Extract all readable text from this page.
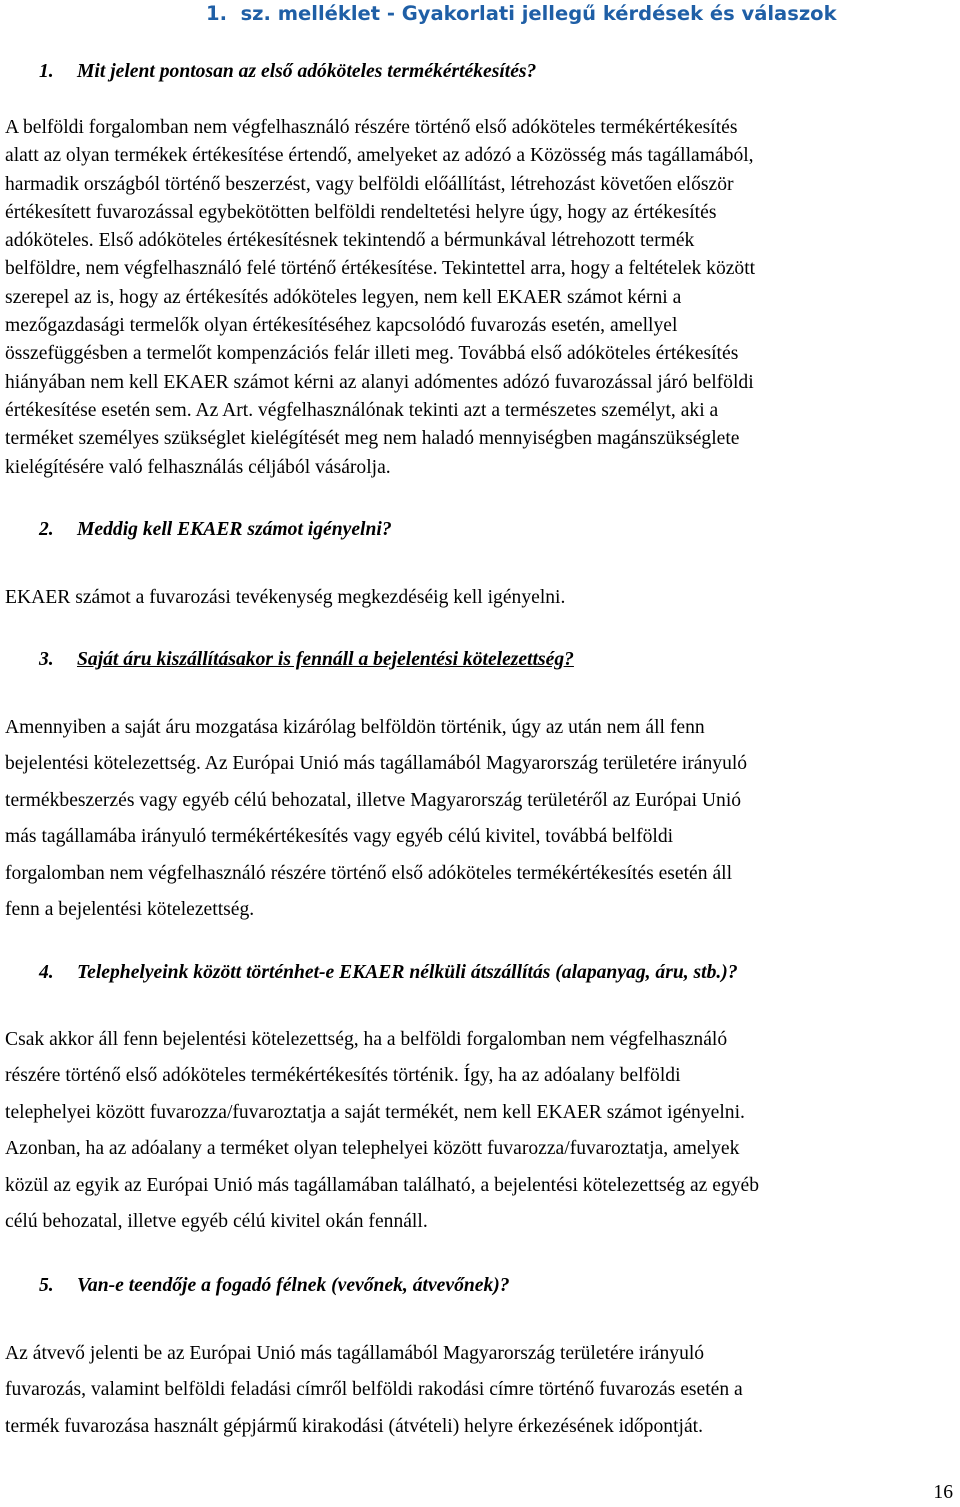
1. sz. melléklet - Gyakorlati jellegű kérdések és válaszok
1. Mit jelent pontosan az első adóköteles termékértékesítés?
A belföldi forgalomban nem végfelhasználó részére történő első adóköteles termékértékesítés
alatt az olyan termékek értékesítése értendő, amelyeket az adózó a Közösség más tagállamából,
harmadik országból történő beszerzést, vagy belföldi előállítást, létrehozást követően először
értékesített fuvarozással egybekötötten belföldi rendeltetési helyre úgy, hogy az értékesítés
adóköteles. Első adóköteles értékesítésnek tekintendő a bérmunkával létrehozott termék
belföldre, nem végfelhasználó felé történő értékesítése. Tekintettel arra, hogy a feltételek között
szerepel az is, hogy az értékesítés adóköteles legyen, nem kell EKAER számot kérni a
mezőgazdasági termelők olyan értékesítéséhez kapcsolódó fuvarozás esetén, amellyel
összefüggésben a termelőt kompenzációs felár illeti meg. Továbbá első adóköteles értékesítés
hiányában nem kell EKAER számot kérni az alanyi adómentes adózó fuvarozással járó belföldi
értékesítése esetén sem. Az Art. végfelhasználónak tekinti azt a természetes személyt, aki a
terméket személyes szükséglet kielégítését meg nem haladó mennyiségben magánszükséglete
kielégítésére való felhasználás céljából vásárolja.
2. Meddig kell EKAER számot igényelni?
EKAER számot a fuvarozási tevékenység megkezdéséig kell igényelni.
3. Saját áru kiszállításakor is fennáll a bejelentési kötelezettség?
Amennyiben a saját áru mozgatása kizárólag belföldön történik, úgy az után nem áll fenn
bejelentési kötelezettség. Az Európai Unió más tagállamából Magyarország területére irányuló
termékbeszerzés vagy egyéb célú behozatal, illetve Magyarország területéről az Európai Unió
más tagállamába irányuló termékértékesítés vagy egyéb célú kivitel, továbbá belföldi
forgalomban nem végfelhasználó részére történő első adóköteles termékértékesítés esetén áll
fenn a bejelentési kötelezettség.
4. Telephelyeink között történhet-e EKAER nélküli átszállítás (alapanyag, áru, stb.)?
Csak akkor áll fenn bejelentési kötelezettség, ha a belföldi forgalomban nem végfelhasználó
részére történő első adóköteles termékértékesítés történik. Így, ha az adóalany belföldi
telephelyei között fuvarozza/fuvaroztatja a saját termékét, nem kell EKAER számot igényelni.
Azonban, ha az adóalany a terméket olyan telephelyei között fuvarozza/fuvaroztatja, amelyek
közül az egyik az Európai Unió más tagállamában található, a bejelentési kötelezettség az egyéb
célú behozatal, illetve egyéb célú kivitel okán fennáll.
5. Van-e teendője a fogadó félnek (vevőnek, átvevőnek)?
Az átvevő jelenti be az Európai Unió más tagállamából Magyarország területére irányuló
fuvarozás, valamint belföldi feladási címről belföldi rakodási címre történő fuvarozás esetén a
termék fuvarozása használt gépjármű kirakodási (átvételi) helyre érkezésének időpontját.
16
